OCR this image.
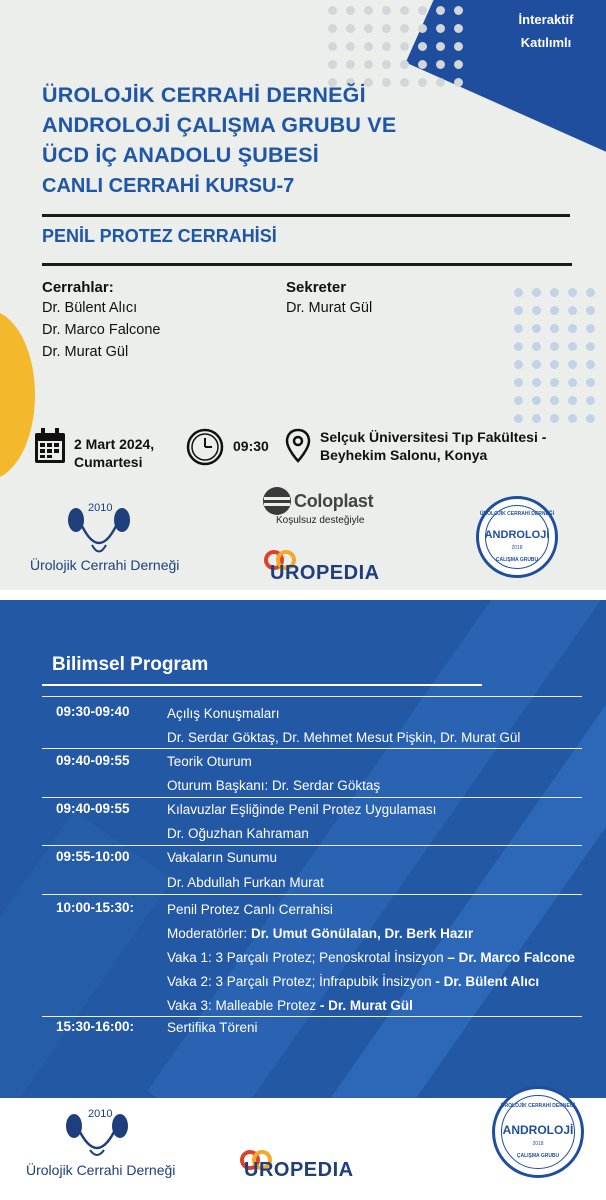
İnteraktif
Katılımlı
ÜROLOJİK CERRAHİ DERNEĞİ
ANDROLOJİ ÇALIŞMA GRUBU VE
ÜCD İÇ ANADOLU ŞUBESİ
CANLI CERRAHİ KURSU-7
PENİL PROTEZ CERRAHİSİ
Cerrahlar:
Dr. Bülent Alıcı
Dr. Marco Falcone
Dr. Murat Gül
Sekreter
Dr. Murat Gül
2 Mart 2024,
Cumartesi
09:30
Selçuk Üniversitesi Tıp Fakültesi -
Beyhekim Salonu, Konya
2010
Ürolojik Cerrahi Derneği
Coloplast
Koşulsuz desteğiyle
UROPEDIA
ÜROLOJİK CERRAHİ DERNEĞİ
ANDROLOJİ
2018
ÇALIŞMA GRUBU
Bilimsel Program
09:30-09:40	Açılış Konuşmaları
Dr. Serdar Göktaş, Dr. Mehmet Mesut Pişkin, Dr. Murat Gül
09:40-09:55	Teorik Oturum
Oturum Başkanı: Dr. Serdar Göktaş
09:40-09:55	Kılavuzlar Eşliğinde Penil Protez Uygulaması
Dr. Oğuzhan Kahraman
09:55-10:00	Vakaların Sunumu
Dr. Abdullah Furkan Murat
10:00-15:30: Penil Protez Canlı Cerrahisi
Moderatörler: Dr. Umut Gönülalan, Dr. Berk Hazır
Vaka 1: 3 Parçalı Protez; Penoskrotal İnsizyon – Dr. Marco Falcone
Vaka 2: 3 Parçalı Protez; İnfrapubik İnsizyon - Dr. Bülent Alıcı
Vaka 3: Malleable Protez - Dr. Murat Gül
15:30-16:00: Sertifika Töreni
2010
Ürolojik Cerrahi Derneği	UROPEDIA
ÜROLOJİK CERRAHİ DERNEĞİ
ANDROLOJİ
2018
ÇALIŞMA GRUBU
